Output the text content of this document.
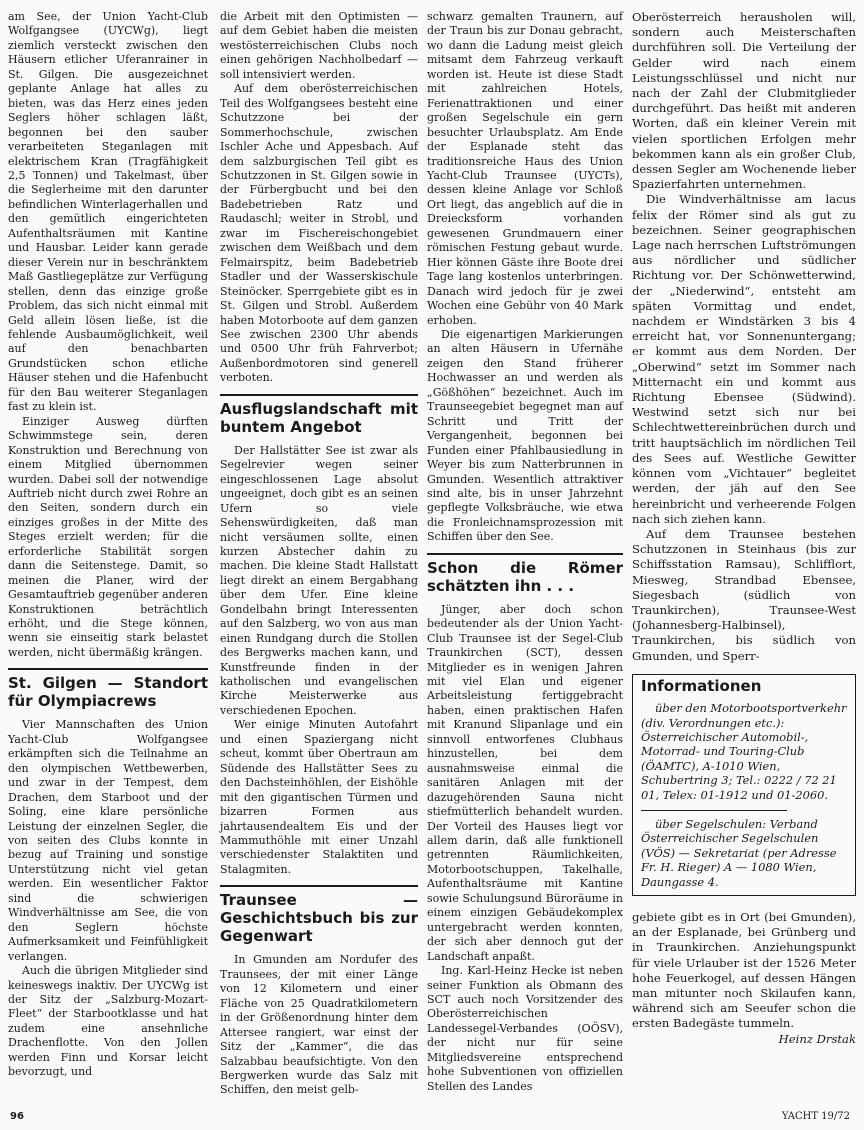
am See, der Union Yacht-Club Wolfgangsee (UYCWg), liegt ziemlich versteckt zwischen den Häusern etlicher Uferanrainer in St. Gilgen. Die ausgezeichnet geplante Anlage hat alles zu bieten, was das Herz eines jeden Seglers höher schlagen läßt, begonnen bei den sauber verarbeiteten Steganlagen mit elektrischem Kran (Tragfähigkeit 2,5 Tonnen) und Takelmast, über die Seglerheime mit den darunter befindlichen Winterlagerhallen und den gemütlich eingerichteten Aufenthaltsräumen mit Kantine und Hausbar. Leider kann gerade dieser Verein nur in beschränktem Maß Gastliegeplätze zur Verfügung stellen, denn das einzige große Problem, das sich nicht einmal mit Geld allein lösen ließe, ist die fehlende Ausbaumöglichkeit, weil auf den benachbarten Grundstücken schon etliche Häuser stehen und die Hafenbucht für den Bau weiterer Steganlagen fast zu klein ist.

Einziger Ausweg dürften Schwimmstege sein, deren Konstruktion und Berechnung von einem Mitglied übernommen wurden. Dabei soll der notwendige Auftrieb nicht durch zwei Rohre an den Seiten, sondern durch ein einziges großes in der Mitte des Steges erzielt werden; für die erforderliche Stabilität sorgen dann die Seitenstege. Damit, so meinen die Planer, wird der Gesamtauftrieb gegenüber anderen Konstruktionen beträchtlich erhöht, und die Stege können, wenn sie einseitig stark belastet werden, nicht übermäßig krängen.

St. Gilgen — Standort für Olympiacrews

Vier Mannschaften des Union Yacht-Club Wolfgangsee erkämpften sich die Teilnahme an den olympischen Wettbewerben, und zwar in der Tempest, dem Drachen, dem Starboot und der Soling, eine klare persönliche Leistung der einzelnen Segler, die von seiten des Clubs konnte in bezug auf Training und sonstige Unterstützung nicht viel getan werden. Ein wesentlicher Faktor sind die schwierigen Windverhältnisse am See, die von den Seglern höchste Aufmerksamkeit und Feinfühligkeit verlangen.

Auch die übrigen Mitglieder sind keineswegs inaktiv. Der UYCWg ist der Sitz der „Salzburg-Mozart-Fleet“ der Starbootklasse und hat zudem eine ansehnliche Drachenflotte. Von den Jollen werden Finn und Korsar leicht bevorzugt, und

die Arbeit mit den Optimisten — auf dem Gebiet haben die meisten westösterreichischen Clubs noch einen gehörigen Nachholbedarf — soll intensiviert werden.

Auf dem oberösterreichischen Teil des Wolfgangsees besteht eine Schutzzone bei der Sommerhochschule, zwischen Ischler Ache und Appesbach. Auf dem salzburgischen Teil gibt es Schutzzonen in St. Gilgen sowie in der Fürbergbucht und bei den Badebetrieben Ratz und Raudaschl; weiter in Strobl, und zwar im Fischereischongebiet zwischen dem Weißbach und dem Felmairspitz, beim Badebetrieb Stadler und der Wasserskischule Steinöcker. Sperrgebiete gibt es in St. Gilgen und Strobl. Außerdem haben Motorboote auf dem ganzen See zwischen 2300 Uhr abends und 0500 Uhr früh Fahrverbot; Außenbordmotoren sind generell verboten.

Ausflugslandschaft mit buntem Angebot

Der Hallstätter See ist zwar als Segelrevier wegen seiner eingeschlossenen Lage absolut ungeeignet, doch gibt es an seinen Ufern so viele Sehenswürdigkeiten, daß man nicht versäumen sollte, einen kurzen Abstecher dahin zu machen. Die kleine Stadt Hallstatt liegt direkt an einem Bergabhang über dem Ufer. Eine kleine Gondelbahn bringt Interessenten auf den Salzberg, wo von aus man einen Rundgang durch die Stollen des Bergwerks machen kann, und Kunstfreunde finden in der katholischen und evangelischen Kirche Meisterwerke aus verschiedenen Epochen.

Wer einige Minuten Autofahrt und einen Spaziergang nicht scheut, kommt über Obertraun am Südende des Hallstätter Sees zu den Dachsteinhöhlen, der Eishöhle mit den gigantischen Türmen und bizarren Formen aus jahrtausendealtem Eis und der Mammuthöhle mit einer Unzahl verschiedenster Stalaktiten und Stalagmiten.

Traunsee — Geschichtsbuch bis zur Gegenwart

In Gmunden am Nordufer des Traunsees, der mit einer Länge von 12 Kilometern und einer Fläche von 25 Quadratkilometern in der Größenordnung hinter dem Attersee rangiert, war einst der Sitz der „Kammer“, die das Salzabbau beaufsichtigte. Von den Bergwerken wurde das Salz mit Schiffen, den meist gelb-

schwarz gemalten Traunern, auf der Traun bis zur Donau gebracht, wo dann die Ladung meist gleich mitsamt dem Fahrzeug verkauft worden ist. Heute ist diese Stadt mit zahlreichen Hotels, Ferienattraktionen und einer großen Segelschule ein gern besuchter Urlaubsplatz. Am Ende der Esplanade steht das traditionsreiche Haus des Union Yacht-Club Traunsee (UYCTs), dessen kleine Anlage vor Schloß Ort liegt, das angeblich auf die in Dreiecksform vorhanden gewesenen Grundmauern einer römischen Festung gebaut wurde. Hier können Gäste ihre Boote drei Tage lang kostenlos unterbringen. Danach wird jedoch für je zwei Wochen eine Gebühr von 40 Mark erhoben.

Die eigenartigen Markierungen an alten Häusern in Ufernähe zeigen den Stand früherer Hochwasser an und werden als „Gößhöhen“ bezeichnet. Auch im Traunseegebiet begegnet man auf Schritt und Tritt der Vergangenheit, begonnen bei Funden einer Pfahlbausiedlung in Weyer bis zum Natterbrunnen in Gmunden. Wesentlich attraktiver sind alte, bis in unser Jahrzehnt gepflegte Volksbräuche, wie etwa die Fronleichnamsprozession mit Schiffen über den See.

Schon die Römer schätzten ihn . . .

Jünger, aber doch schon bedeutender als der Union Yacht-Club Traunsee ist der Segel-Club Traunkirchen (SCT), dessen Mitglieder es in wenigen Jahren mit viel Elan und eigener Arbeitsleistung fertiggebracht haben, einen praktischen Hafen mit Kranund Slipanlage und ein sinnvoll entworfenes Clubhaus hinzustellen, bei dem ausnahmsweise einmal die sanitären Anlagen mit der dazugehörenden Sauna nicht stiefmütterlich behandelt wurden. Der Vorteil des Hauses liegt vor allem darin, daß alle funktionell getrennten Räumlichkeiten, Motorbootschuppen, Takelhalle, Aufenthaltsräume mit Kantine sowie Schulungsund Büroräume in einem einzigen Gebäudekomplex untergebracht werden konnten, der sich aber dennoch gut der Landschaft anpaßt.

Ing. Karl-Heinz Hecke ist neben seiner Funktion als Obmann des SCT auch noch Vorsitzender des Oberösterreichischen Landessegel-Verbandes (OÖSV), der nicht nur für seine Mitgliedsvereine entsprechend hohe Subventionen von offiziellen Stellen des Landes

Oberösterreich herausholen will, sondern auch Meisterschaften durchführen soll. Die Verteilung der Gelder wird nach einem Leistungsschlüssel und nicht nur nach der Zahl der Clubmitglieder durchgeführt. Das heißt mit anderen Worten, daß ein kleiner Verein mit vielen sportlichen Erfolgen mehr bekommen kann als ein großer Club, dessen Segler am Wochenende lieber Spazierfahrten unternehmen.

Die Windverhältnisse am lacus felix der Römer sind als gut zu bezeichnen. Seiner geographischen Lage nach herrschen Luftströmungen aus nördlicher und südlicher Richtung vor. Der Schönwetterwind, der „Niederwind“, entsteht am späten Vormittag und endet, nachdem er Windstärken 3 bis 4 erreicht hat, vor Sonnenuntergang; er kommt aus dem Norden. Der „Oberwind“ setzt im Sommer nach Mitternacht ein und kommt aus Richtung Ebensee (Südwind). Westwind setzt sich nur bei Schlechtwettereinbrüchen durch und tritt hauptsächlich im nördlichen Teil des Sees auf. Westliche Gewitter können vom „Vichtauer“ begleitet werden, der jäh auf den See hereinbricht und verheerende Folgen nach sich ziehen kann.

Auf dem Traunsee bestehen Schutzzonen in Steinhaus (bis zur Schiffsstation Ramsau), Schlifflort, Miesweg, Strandbad Ebensee, Siegesbach (südlich von Traunkirchen), Traunsee-West (Johannesberg-Halbinsel), Traunkirchen, bis südlich von Gmunden, und Sperr-

Informationen

über den Motorbootsportverkehr (div. Verordnungen etc.): Österreichischer Automobil-, Motorrad- und Touring-Club (ÖAMTC), A-1010 Wien, Schubertring 3; Tel.: 0222 / 72 21 01, Telex: 01-1912 und 01-2060.

über Segelschulen: Verband Österreichischer Segelschulen (VÖS) — Sekretariat (per Adresse Fr. H. Rieger) A — 1080 Wien, Daungasse 4.

gebiete gibt es in Ort (bei Gmunden), an der Esplanade, bei Grünberg und in Traunkirchen. Anziehungspunkt für viele Urlauber ist der 1526 Meter hohe Feuerkogel, auf dessen Hängen man mitunter noch Skilaufen kann, während sich am Seeufer schon die ersten Badegäste tummeln.

Heinz Drstak

96	YACHT 19/72
